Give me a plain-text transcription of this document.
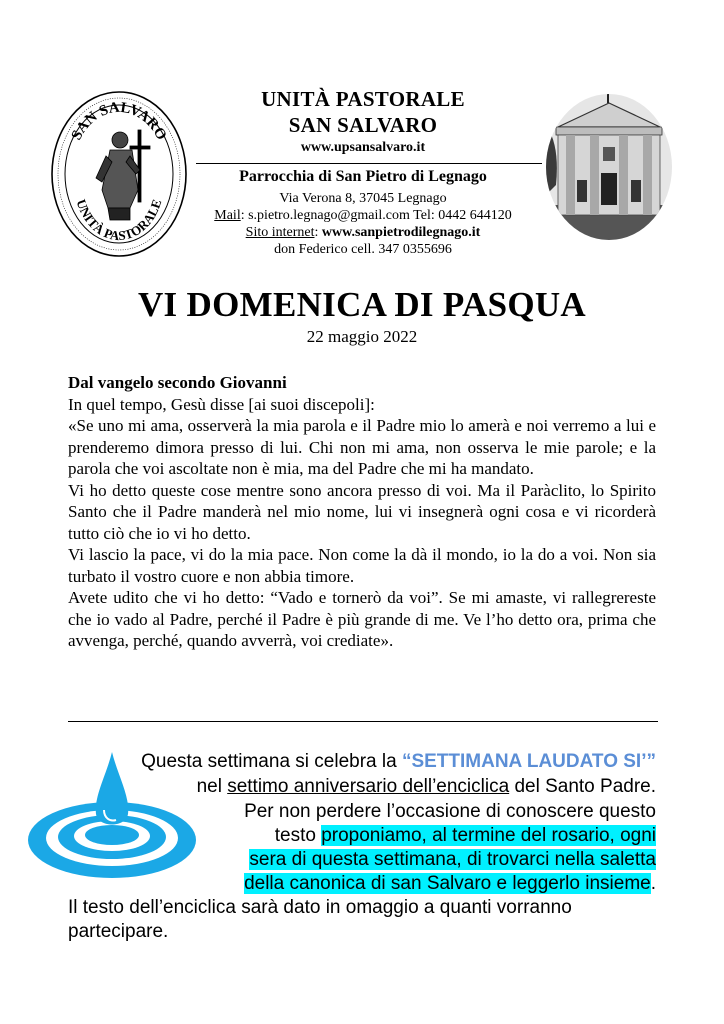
SAN SALVARO
UNITÀ PASTORALE
UNITÀ PASTORALE
SAN SALVARO
www.upsansalvaro.it
Parrocchia di San Pietro di Legnago
Via Verona 8, 37045 Legnago
Mail: s.pietro.legnago@gmail.com Tel: 0442 644120
Sito internet: www.sanpietrodilegnago.it
don Federico cell. 347 0355696
VI DOMENICA DI PASQUA
22 maggio 2022
Dal vangelo secondo Giovanni
In quel tempo, Gesù disse [ai suoi discepoli]:
«Se uno mi ama, osserverà la mia parola e il Padre mio lo amerà e noi verremo a lui e prenderemo dimora presso di lui. Chi non mi ama, non osserva le mie parole; e la parola che voi ascoltate non è mia, ma del Padre che mi ha mandato.
Vi ho detto queste cose mentre sono ancora presso di voi. Ma il Paràclito, lo Spirito Santo che il Padre manderà nel mio nome, lui vi insegnerà ogni cosa e vi ricorderà tutto ciò che io vi ho detto.
Vi lascio la pace, vi do la mia pace. Non come la dà il mondo, io la do a voi. Non sia turbato il vostro cuore e non abbia timore.
Avete udito che vi ho detto: “Vado e tornerò da voi”. Se mi amaste, vi rallegrereste che io vado al Padre, perché il Padre è più grande di me. Ve l’ho detto ora, prima che avvenga, perché, quando avverrà, voi crediate».
Questa settimana si celebra la “SETTIMANA LAUDATO SI’”
nel settimo anniversario dell’enciclica del Santo Padre.
Per non perdere l’occasione di conoscere questo
testo proponiamo, al termine del rosario, ogni
sera di questa settimana, di trovarci nella saletta
della canonica di san Salvaro e leggerlo insieme.
Il testo dell’enciclica sarà dato in omaggio a quanti vorranno
partecipare.
